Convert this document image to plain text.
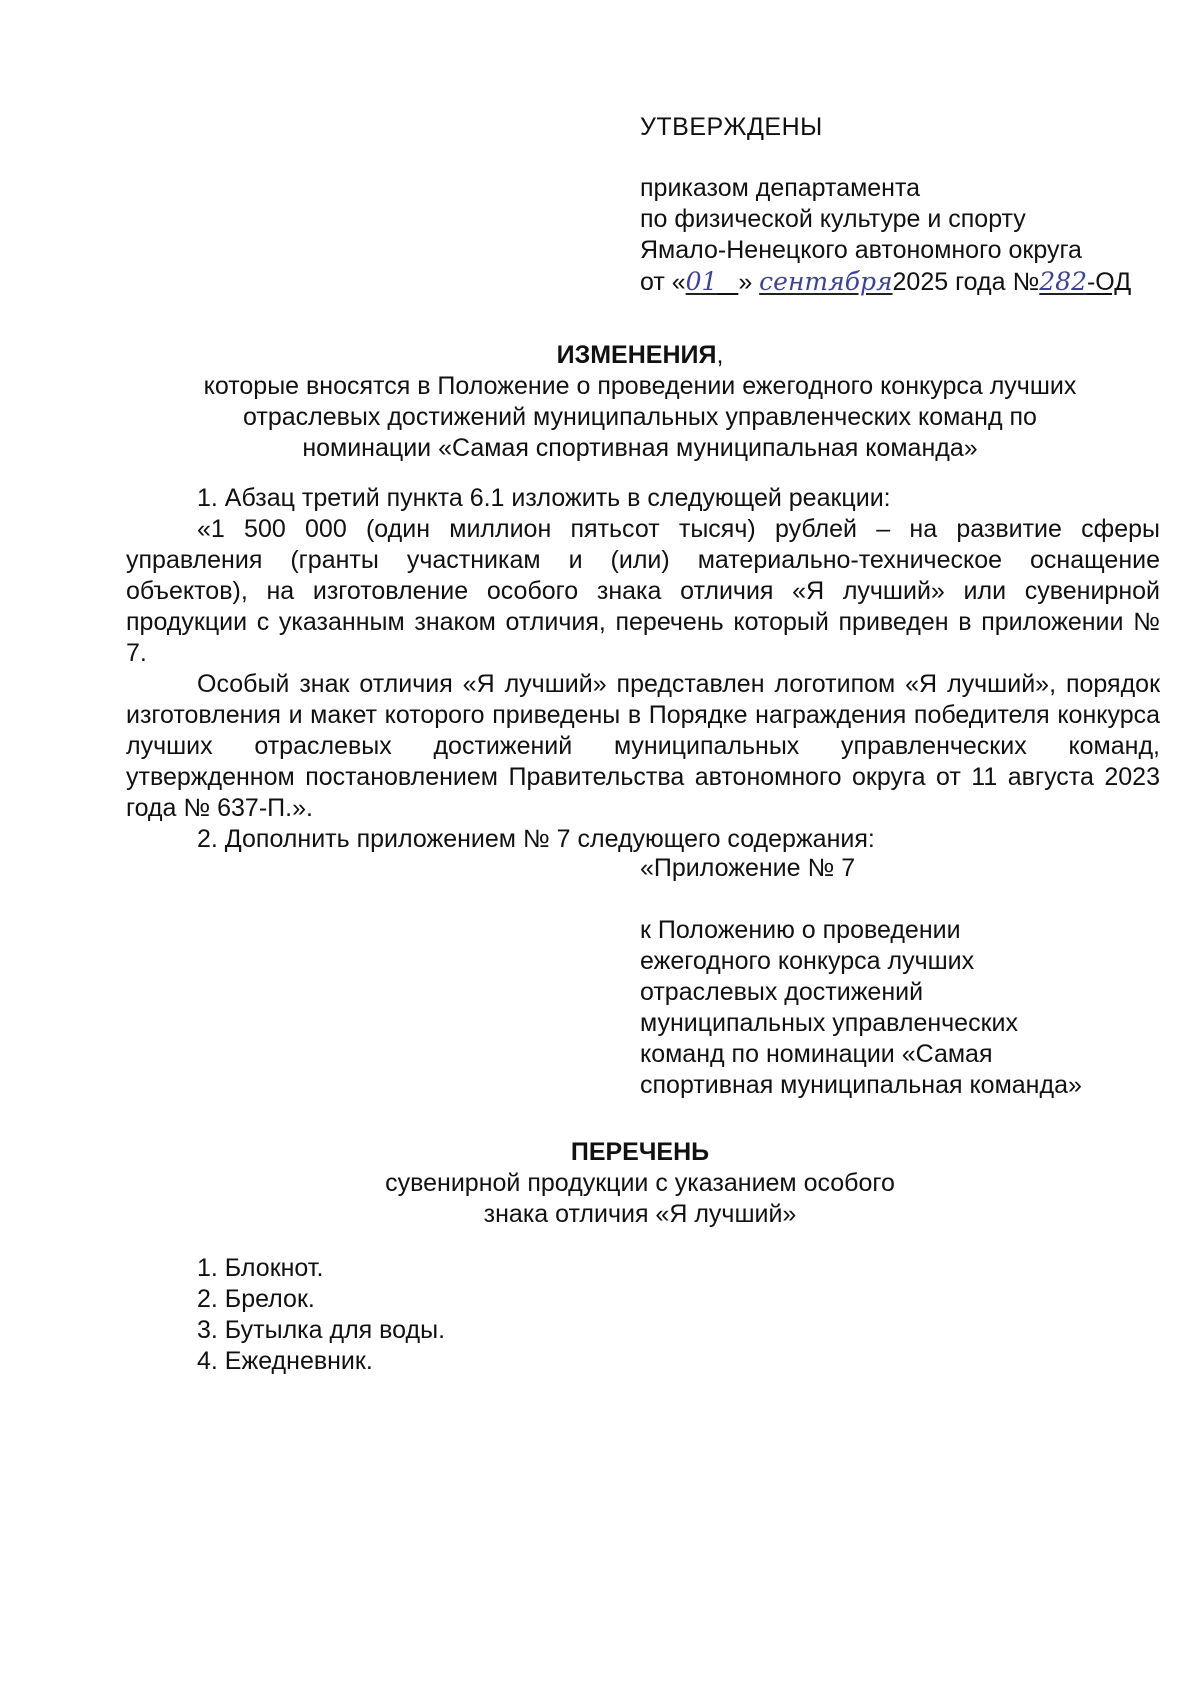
УТВЕРЖДЕНЫ
приказом департамента
по физической культуре и спорту
Ямало-Ненецкого автономного округа
от «01 » сентября2025 года №282-ОД
ИЗМЕНЕНИЯ,
которые вносятся в Положение о проведении ежегодного конкурса лучших
отраслевых достижений муниципальных управленческих команд по
номинации «Самая спортивная муниципальная команда»

1. Абзац третий пункта 6.1 изложить в следующей реакции:

«1 500 000 (один миллион пятьсот тысяч) рублей – на развитие сферы управления (гранты участникам и (или) материально-техническое оснащение объектов), на изготовление особого знака отличия «Я лучший» или сувенирной продукции с указанным знаком отличия, перечень который приведен в приложении № 7.

Особый знак отличия «Я лучший» представлен логотипом «Я лучший», порядок изготовления и макет которого приведены в Порядке награждения победителя конкурса лучших отраслевых достижений муниципальных управленческих команд, утвержденном постановлением Правительства автономного округа от 11 августа 2023 года № 637-П.».

2. Дополнить приложением № 7 следующего содержания:

«Приложение № 7
к Положению о проведении
ежегодного конкурса лучших
отраслевых достижений
муниципальных управленческих
команд по номинации «Самая
спортивная муниципальная команда»
ПЕРЕЧЕНЬ
сувенирной продукции с указанием особого
знака отличия «Я лучший»
1. Блокнот.
2. Брелок.
3. Бутылка для воды.
4. Ежедневник.
